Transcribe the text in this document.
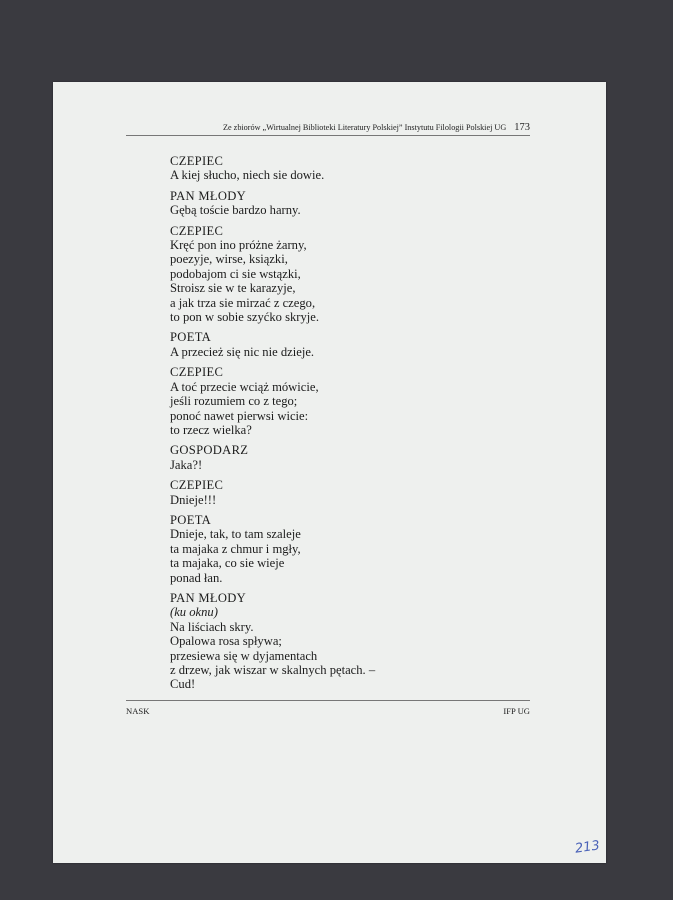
Ze zbiorów „Wirtualnej Biblioteki Literatury Polskiej” Instytutu Filologii Polskiej UG 173
CZEPIEC
A kiej słucho, niech sie dowie.
PAN MŁODY
Gębą toście bardzo harny.
CZEPIEC
Kręć pon ino próżne żarny,
poezyje, wirse, ksiązki,
podobajom ci sie wstązki,
Stroisz sie w te karazyje,
a jak trza sie mirzać z czego,
to pon w sobie szyćko skryje.
POETA
A przecież się nic nie dzieje.
CZEPIEC
A toć przecie wciąż mówicie,
jeśli rozumiem co z tego;
ponoć nawet pierwsi wicie:
to rzecz wielka?
GOSPODARZ
Jaka?!
CZEPIEC
Dnieje!!!
POETA
Dnieje, tak, to tam szaleje
ta majaka z chmur i mgły,
ta majaka, co sie wieje
ponad łan.
PAN MŁODY
(ku oknu)
Na liściach skry.
Opalowa rosa spływa;
przesiewa się w dyjamentach
z drzew, jak wiszar w skalnych pętach. –
Cud!
NASK	IFP UG
213
